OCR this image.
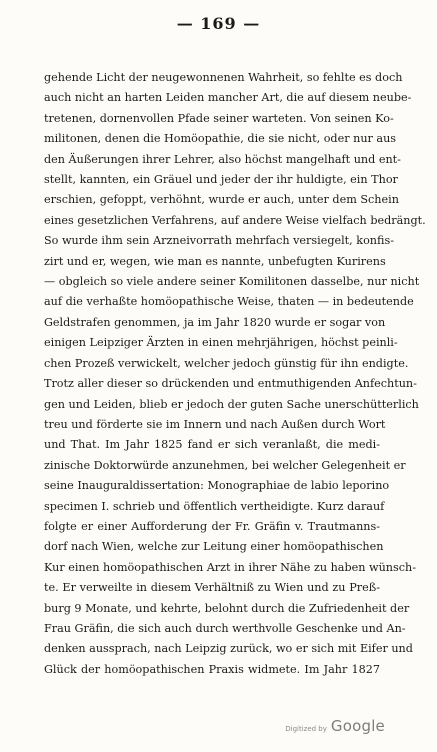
— 169 —
gehende Licht der neugewonnenen Wahrheit, so fehlte es doch
auch nicht an harten Leiden mancher Art, die auf diesem neube-
tretenen, dornenvollen Pfade seiner warteten. Von seinen Ko-
militonen, denen die Homöopathie, die sie nicht, oder nur aus
den Äußerungen ihrer Lehrer, also höchst mangelhaft und ent-
stellt, kannten, ein Gräuel und jeder der ihr huldigte, ein Thor
erschien, gefoppt, verhöhnt, wurde er auch, unter dem Schein
eines gesetzlichen Verfahrens, auf andere Weise vielfach bedrängt.
So wurde ihm sein Arzneivorrath mehrfach versiegelt, konfis-
zirt und er, wegen, wie man es nannte, unbefugten Kurirens
— obgleich so viele andere seiner Komilitonen dasselbe, nur nicht
auf die verhaßte homöopathische Weise, thaten — in bedeutende
Geldstrafen genommen, ja im Jahr 1820 wurde er sogar von
einigen Leipziger Ärzten in einen mehrjährigen, höchst peinli-
chen Prozeß verwickelt, welcher jedoch günstig für ihn endigte.
Trotz aller dieser so drückenden und entmuthigenden Anfechtun-
gen und Leiden, blieb er jedoch der guten Sache unerschütterlich
treu und förderte sie im Innern und nach Außen durch Wort
und That. Im Jahr 1825 fand er sich veranlaßt, die medi-
zinische Doktorwürde anzunehmen, bei welcher Gelegenheit er
seine Inauguraldissertation: Monographiae de labio leporino
specimen I. schrieb und öffentlich vertheidigte. Kurz darauf
folgte er einer Aufforderung der Fr. Gräfin v. Trautmanns-
dorf nach Wien, welche zur Leitung einer homöopathischen
Kur einen homöopathischen Arzt in ihrer Nähe zu haben wünsch-
te. Er verweilte in diesem Verhältniß zu Wien und zu Preß-
burg 9 Monate, und kehrte, belohnt durch die Zufriedenheit der
Frau Gräfin, die sich auch durch werthvolle Geschenke und An-
denken aussprach, nach Leipzig zurück, wo er sich mit Eifer und
Glück der homöopathischen Praxis widmete. Im Jahr 1827
Digitized by Google
